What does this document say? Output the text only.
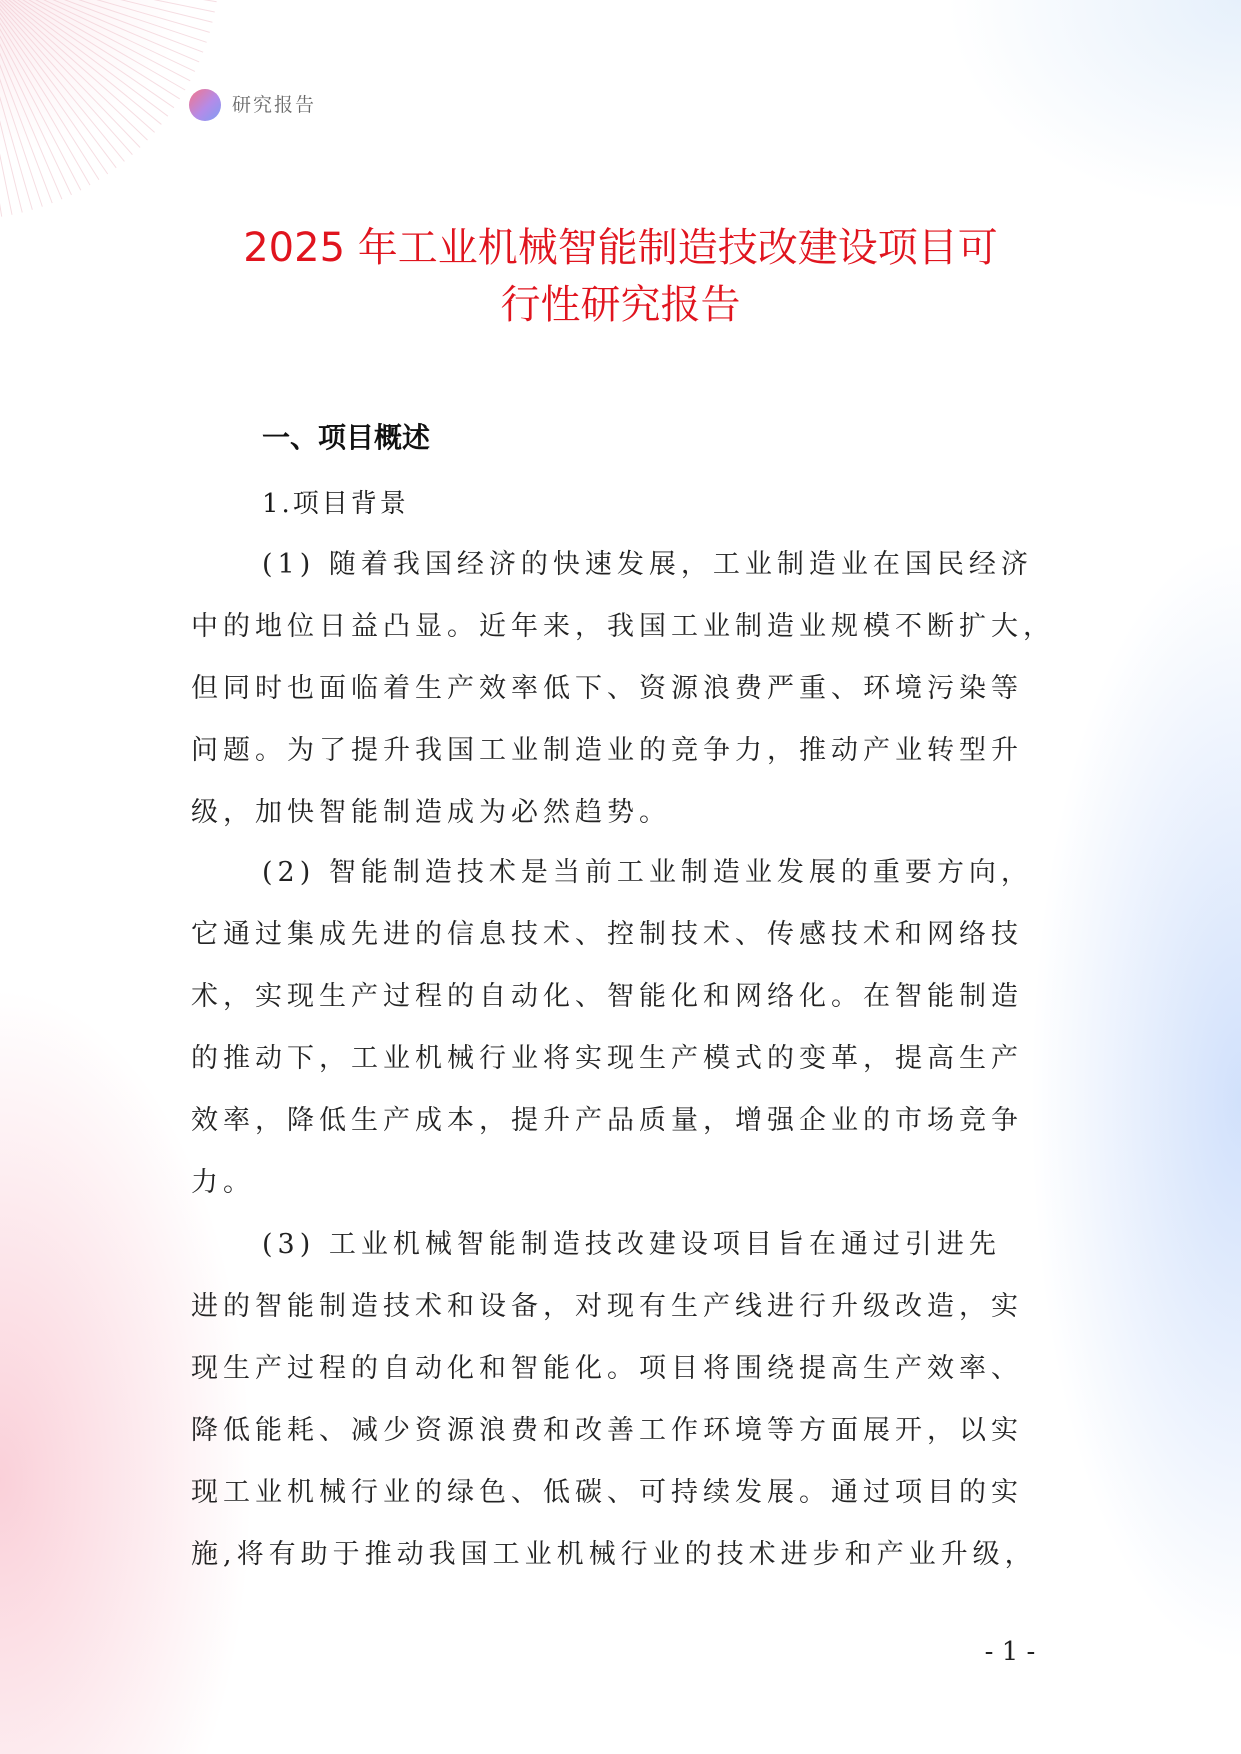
研究报告
2025 年工业机械智能制造技改建设项目可
行性研究报告
一、项目概述
1.项目背景
(1) 随着我国经济的快速发展，工业制造业在国民经济
中的地位日益凸显。近年来，我国工业制造业规模不断扩大，
但同时也面临着生产效率低下、资源浪费严重、环境污染等
问题。为了提升我国工业制造业的竞争力，推动产业转型升
级，加快智能制造成为必然趋势。
(2) 智能制造技术是当前工业制造业发展的重要方向，
它通过集成先进的信息技术、控制技术、传感技术和网络技
术，实现生产过程的自动化、智能化和网络化。在智能制造
的推动下，工业机械行业将实现生产模式的变革，提高生产
效率，降低生产成本，提升产品质量，增强企业的市场竞争
力。
(3) 工业机械智能制造技改建设项目旨在通过引进先
进的智能制造技术和设备，对现有生产线进行升级改造，实
现生产过程的自动化和智能化。项目将围绕提高生产效率、
降低能耗、减少资源浪费和改善工作环境等方面展开，以实
现工业机械行业的绿色、低碳、可持续发展。通过项目的实
施,将有助于推动我国工业机械行业的技术进步和产业升级，
- 1 -
